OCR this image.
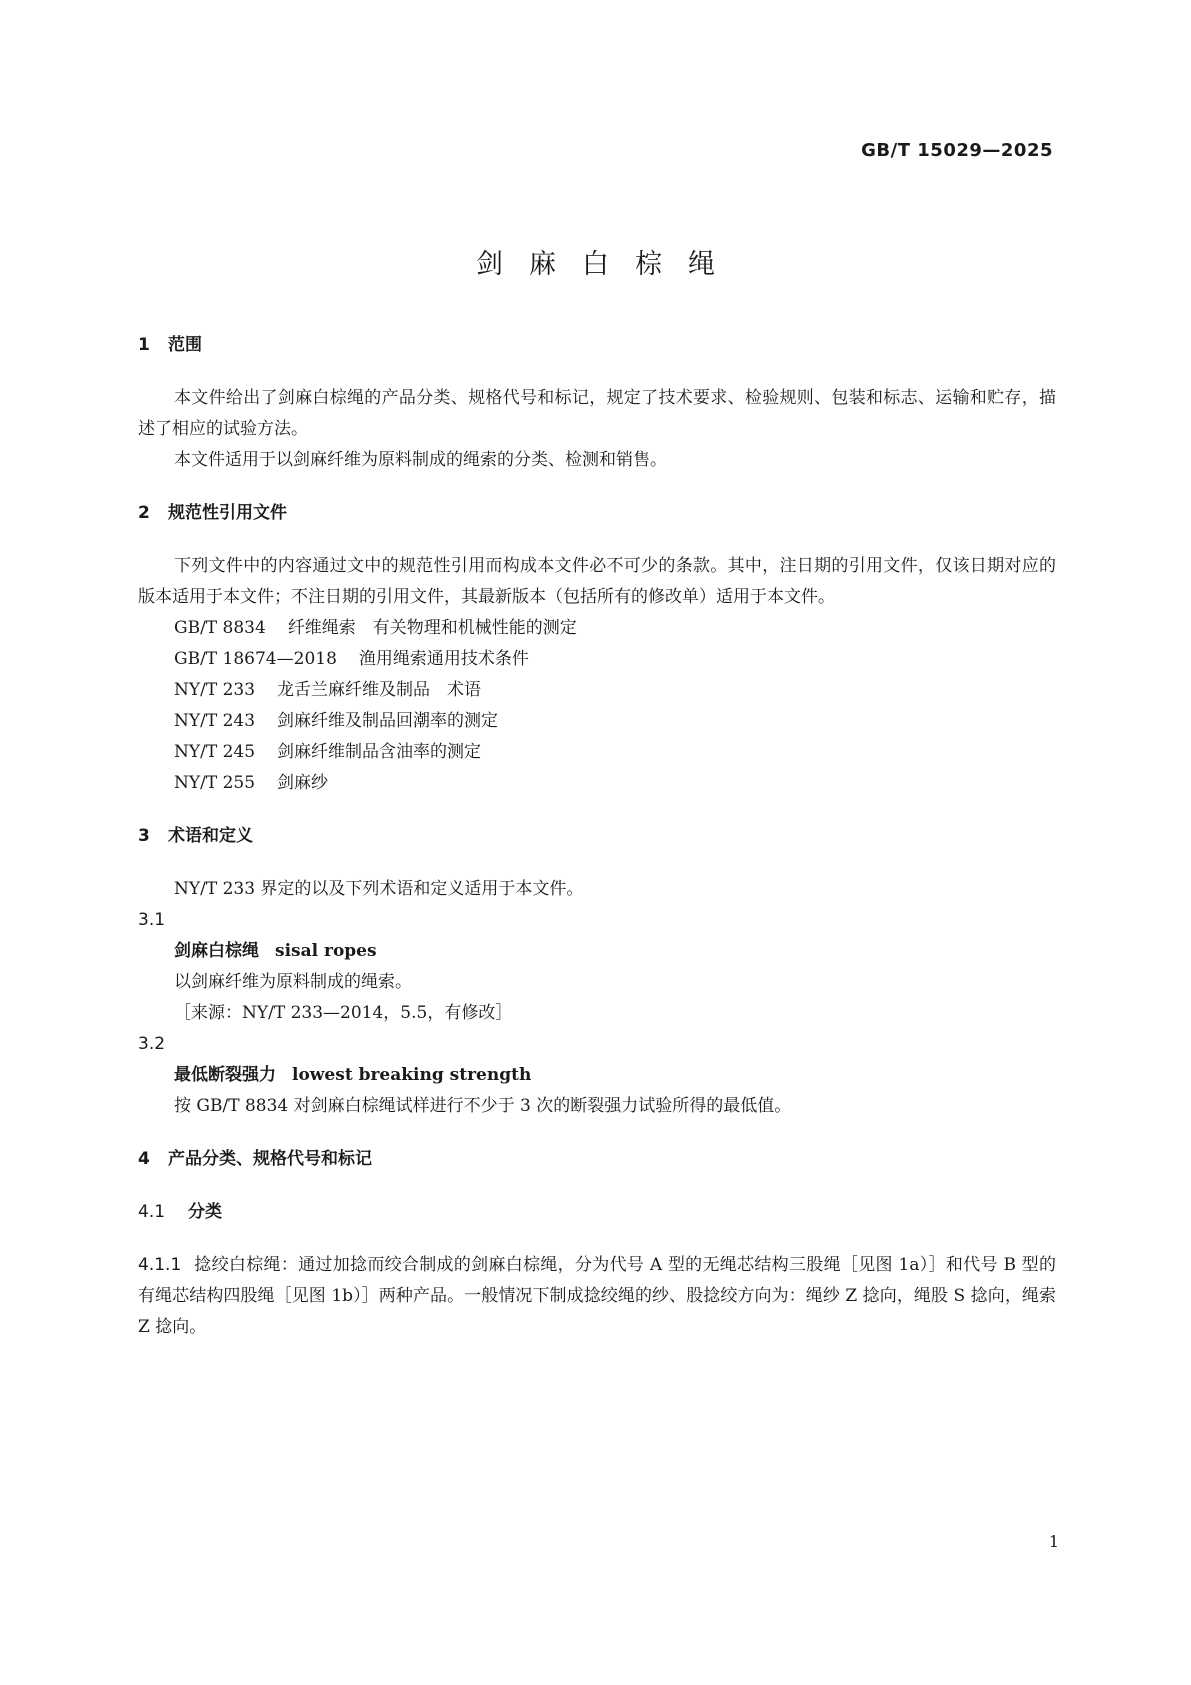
GB/T 15029—2025
剑麻白棕绳
1 范围

本文件给出了剑麻白棕绳的产品分类、规格代号和标记，规定了技术要求、检验规则、包装和标志、运输和贮存，描述了相应的试验方法。

本文件适用于以剑麻纤维为原料制成的绳索的分类、检测和销售。

2 规范性引用文件

下列文件中的内容通过文中的规范性引用而构成本文件必不可少的条款。其中，注日期的引用文件，仅该日期对应的版本适用于本文件；不注日期的引用文件，其最新版本（包括所有的修改单）适用于本文件。

GB/T 8834 纤维绳索　有关物理和机械性能的测定
GB/T 18674—2018 渔用绳索通用技术条件
NY/T 233 龙舌兰麻纤维及制品　术语
NY/T 243 剑麻纤维及制品回潮率的测定
NY/T 245 剑麻纤维制品含油率的测定
NY/T 255 剑麻纱
3 术语和定义

NY/T 233 界定的以及下列术语和定义适用于本文件。

3.1
剑麻白棕绳 sisal ropes
以剑麻纤维为原料制成的绳索。
［来源：NY/T 233—2014，5.5，有修改］
3.2
最低断裂强力 lowest breaking strength
按 GB/T 8834 对剑麻白棕绳试样进行不少于 3 次的断裂强力试验所得的最低值。
4 产品分类、规格代号和标记
4.1 分类

4.1.1 捻绞白棕绳：通过加捻而绞合制成的剑麻白棕绳，分为代号 A 型的无绳芯结构三股绳［见图 1a）］和代号 B 型的有绳芯结构四股绳［见图 1b）］两种产品。一般情况下制成捻绞绳的纱、股捻绞方向为：绳纱 Z 捻向，绳股 S 捻向，绳索 Z 捻向。

1
